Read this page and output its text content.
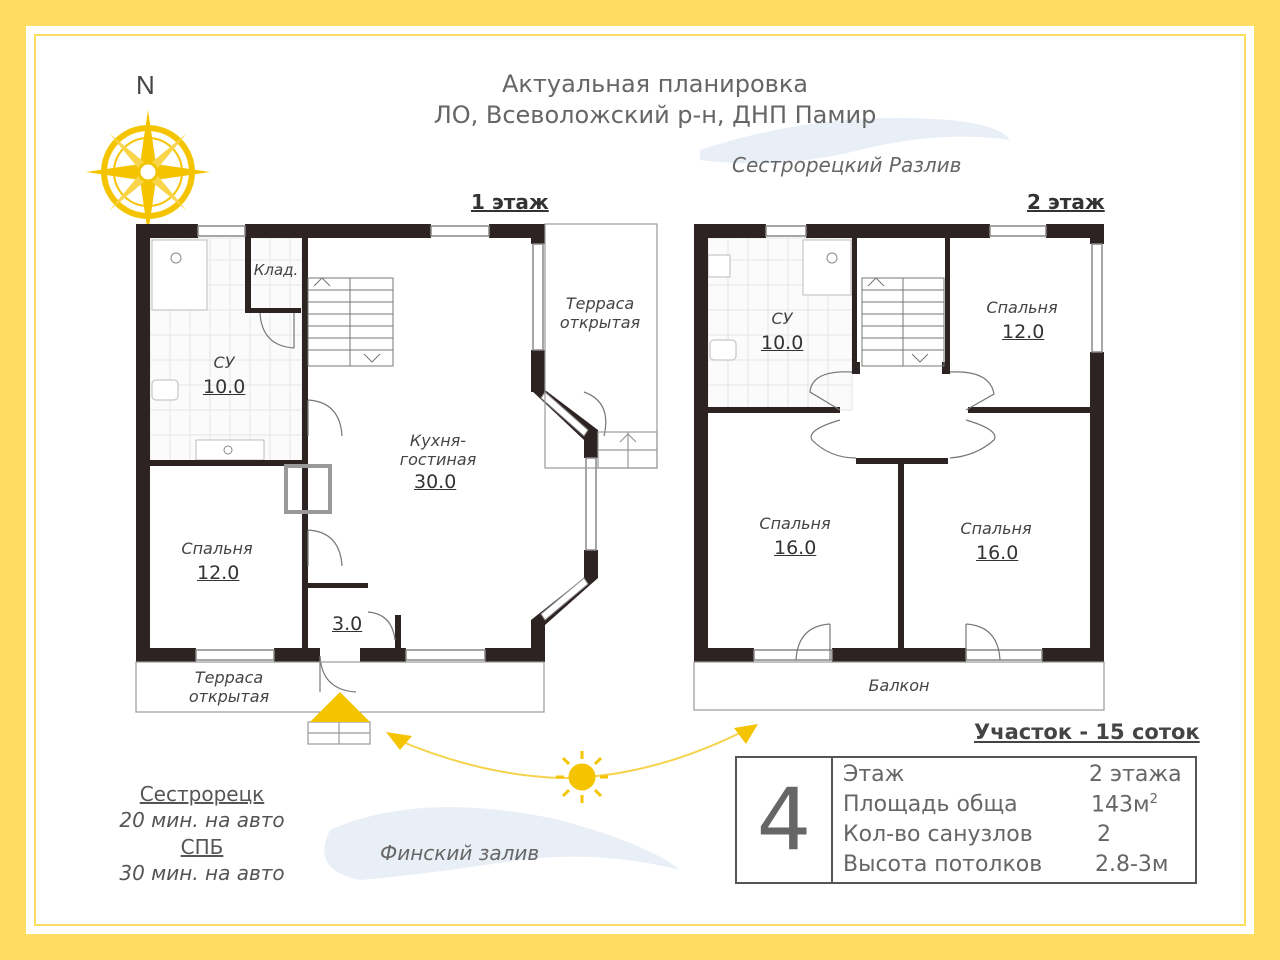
N	Актуальная планировка
ЛО, Всеволожский р-н, ДНП Памир
Сестрорецкий Разлив
Финский залив
1 этаж	2 этаж
СУ
10.0
Клад.
Кухня-
гостиная
30.0
Спальня
12.0
3.0
Терраса
открытая
Терраса
открытая
СУ
10.0
Спальня
12.0
Спальня
16.0
Спальня
16.0
Балкон
Сестрорецк
20 мин. на авто
СПБ
30 мин. на авто
Участок - 15 соток
4	Этаж	2 этажа
Площадь обща	$143м^2$
Кол-во санузлов	2
Высота потолков 2.8-3м
